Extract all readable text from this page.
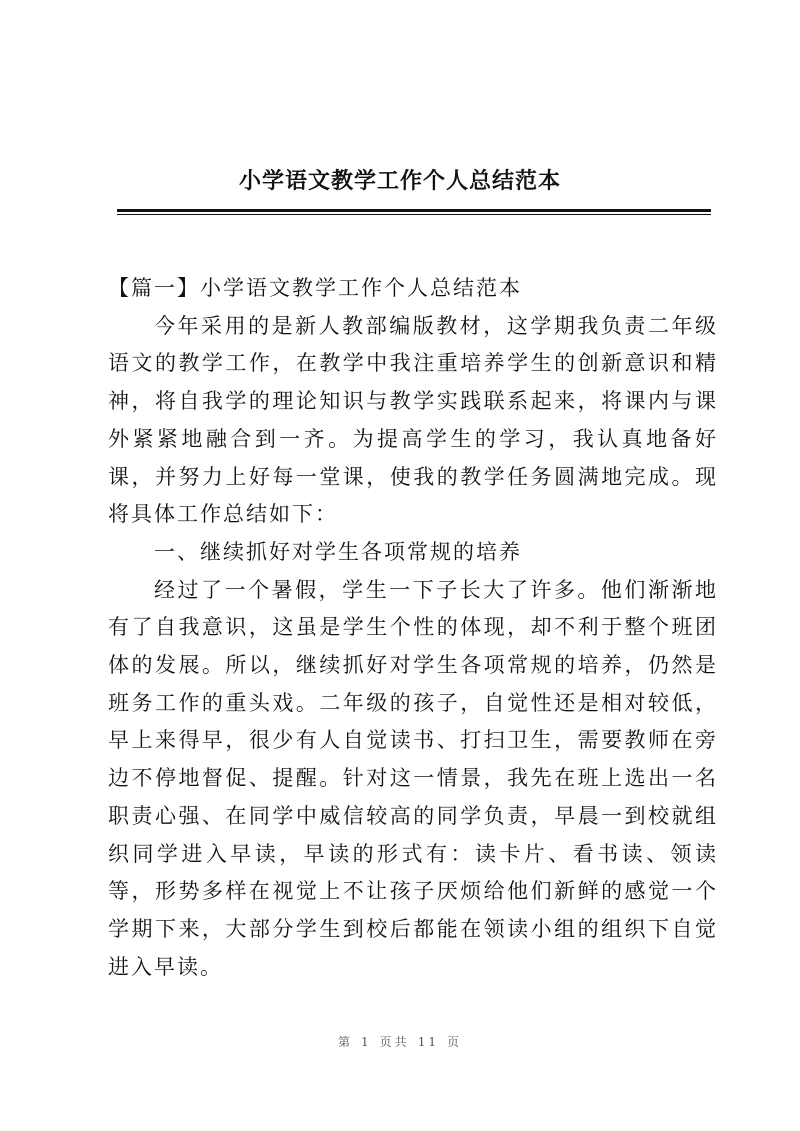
小学语文教学工作个人总结范本

【篇一】小学语文教学工作个人总结范本

今年采用的是新人教部编版教材，这学期我负责二年级语文的教学工作，在教学中我注重培养学生的创新意识和精神，将自我学的理论知识与教学实践联系起来，将课内与课外紧紧地融合到一齐。为提高学生的学习，我认真地备好课，并努力上好每一堂课，使我的教学任务圆满地完成。现将具体工作总结如下：

一、继续抓好对学生各项常规的培养

经过了一个暑假，学生一下子长大了许多。他们渐渐地有了自我意识，这虽是学生个性的体现，却不利于整个班团体的发展。所以，继续抓好对学生各项常规的培养，仍然是班务工作的重头戏。二年级的孩子，自觉性还是相对较低，早上来得早，很少有人自觉读书、打扫卫生，需要教师在旁边不停地督促、提醒。针对这一情景，我先在班上选出一名职责心强、在同学中威信较高的同学负责，早晨一到校就组织同学进入早读，早读的形式有：读卡片、看书读、领读等，形势多样在视觉上不让孩子厌烦给他们新鲜的感觉一个学期下来，大部分学生到校后都能在领读小组的组织下自觉进入早读。

第 1 页共 11 页
